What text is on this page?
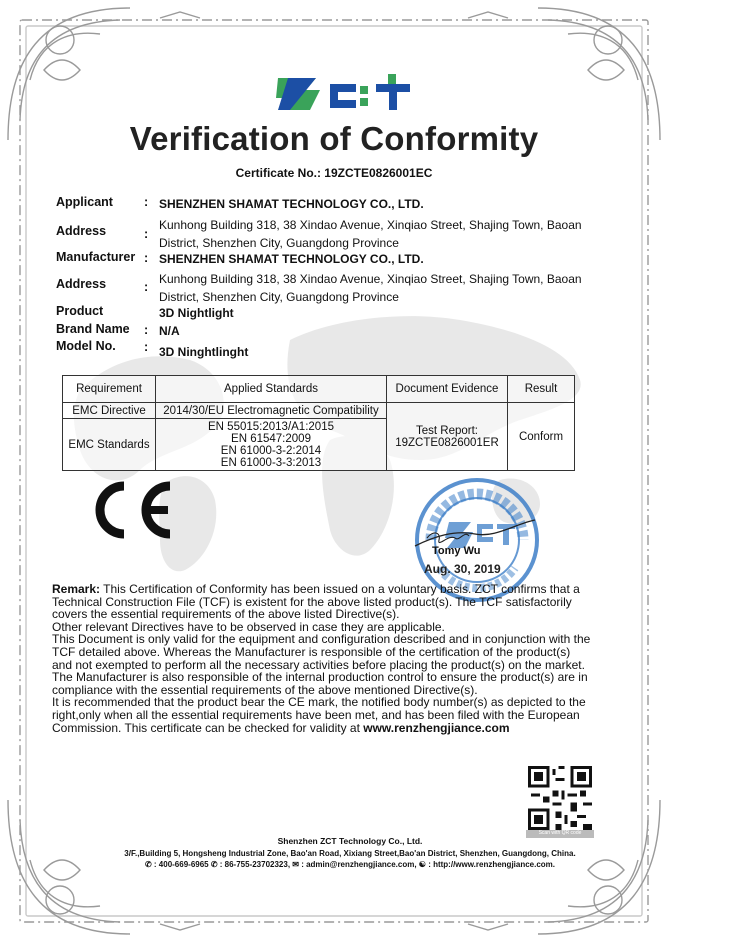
Verification of Conformity
Certificate No.: 19ZCTE0826001EC
Applicant : SHENZHEN SHAMAT TECHNOLOGY CO., LTD.
Address	:
Kunhong Building 318, 38 Xindao Avenue, Xinqiao Street, Shajing Town, Baoan
District, Shenzhen City, Guangdong Province
Manufacturer : SHENZHEN SHAMAT TECHNOLOGY CO., LTD.
Address	:
Kunhong Building 318, 38 Xindao Avenue, Xinqiao Street, Shajing Town, Baoan
District, Shenzhen City, Guangdong Province
Product	3D Nightlight
Brand Name : N/A
Model No. : 3D Ninghtlinght
Requirement	Applied Standards	Document Evidence	Result
EMC Directive	2014/30/EU Electromagnetic Compatibility	Test Report:
19ZCTE0826001ER	Conform
EMC Standards	EN 55015:2013/A1:2015
EN 61547:2009
EN 61000-3-2:2014
EN 61000-3-3:2013		
Tomy Wu
Aug. 30, 2019

Remark: This Certification of Conformity has been issued on a voluntary basis. ZCT confirms that a Technical Construction File (TCF) is existent for the above listed product(s). The TCF satisfactorily covers the essential requirements of the above listed Directive(s).

Other relevant Directives have to be observed in case they are applicable.

This Document is only valid for the equipment and configuration described and in conjunction with the TCF detailed above. Whereas the Manufacturer is responsible of the certification of the product(s) and not exempted to perform all the necessary activities before placing the product(s) on the market.

The Manufacturer is also responsible of the internal production control to ensure the product(s) are in compliance with the essential requirements of the above mentioned Directive(s).

It is recommended that the product bear the CE mark, the notified body number(s) as depicted to the right,only when all the essential requirements have been met, and has been filed with the European Commission. This certificate can be checked for validity at www.renzhengjiance.com

Scan with QR code
Shenzhen ZCT Technology Co., Ltd.
3/F.,Building 5, Hongsheng Industrial Zone, Bao'an Road, Xixiang Street,Bao'an District, Shenzhen, Guangdong, China.
✆ : 400-669-6965 ✆ : 86-755-23702323, ✉ : admin@renzhengjiance.com, ☯ : http://www.renzhengjiance.com.
